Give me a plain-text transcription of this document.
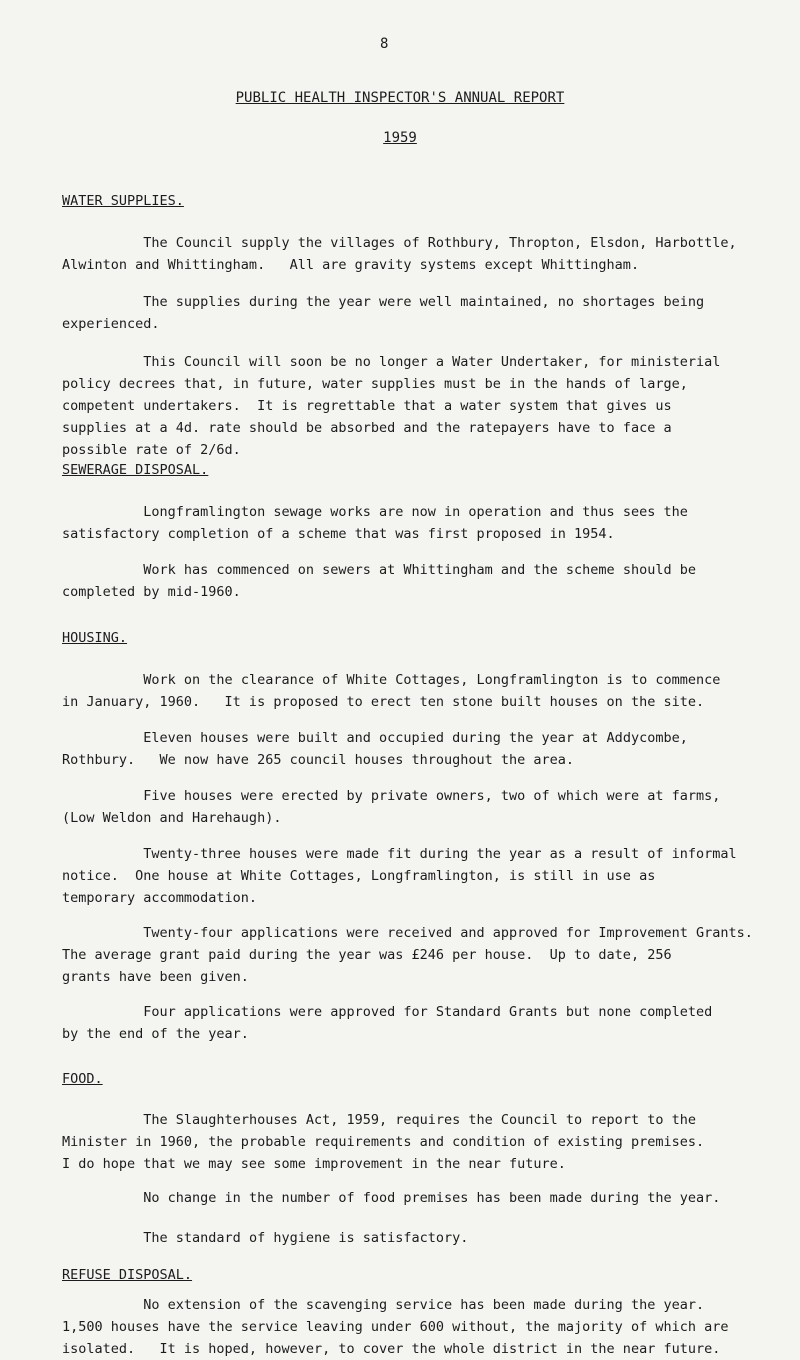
8
PUBLIC HEALTH INSPECTOR'S ANNUAL REPORT
1959
WATER SUPPLIES.
The Council supply the villages of Rothbury, Thropton, Elsdon, Harbottle,
Alwinton and Whittingham.   All are gravity systems except Whittingham.
The supplies during the year were well maintained, no shortages being
experienced.
This Council will soon be no longer a Water Undertaker, for ministerial
policy decrees that, in future, water supplies must be in the hands of large,
competent undertakers.  It is regrettable that a water system that gives us
supplies at a 4d. rate should be absorbed and the ratepayers have to face a
possible rate of 2/6d.
SEWERAGE DISPOSAL.
Longframlington sewage works are now in operation and thus sees the
satisfactory completion of a scheme that was first proposed in 1954.
Work has commenced on sewers at Whittingham and the scheme should be
completed by mid-1960.
HOUSING.
Work on the clearance of White Cottages, Longframlington is to commence
in January, 1960.   It is proposed to erect ten stone built houses on the site.
Eleven houses were built and occupied during the year at Addycombe,
Rothbury.   We now have 265 council houses throughout the area.
Five houses were erected by private owners, two of which were at farms,
(Low Weldon and Harehaugh).
Twenty-three houses were made fit during the year as a result of informal
notice.  One house at White Cottages, Longframlington, is still in use as
temporary accommodation.
Twenty-four applications were received and approved for Improvement Grants.
The average grant paid during the year was £246 per house.  Up to date, 256
grants have been given.
Four applications were approved for Standard Grants but none completed
by the end of the year.
FOOD.
The Slaughterhouses Act, 1959, requires the Council to report to the
Minister in 1960, the probable requirements and condition of existing premises.
I do hope that we may see some improvement in the near future.
No change in the number of food premises has been made during the year.
The standard of hygiene is satisfactory.
REFUSE DISPOSAL.
No extension of the scavenging service has been made during the year.
1,500 houses have the service leaving under 600 without, the majority of which are
isolated.   It is hoped, however, to cover the whole district in the near future.
